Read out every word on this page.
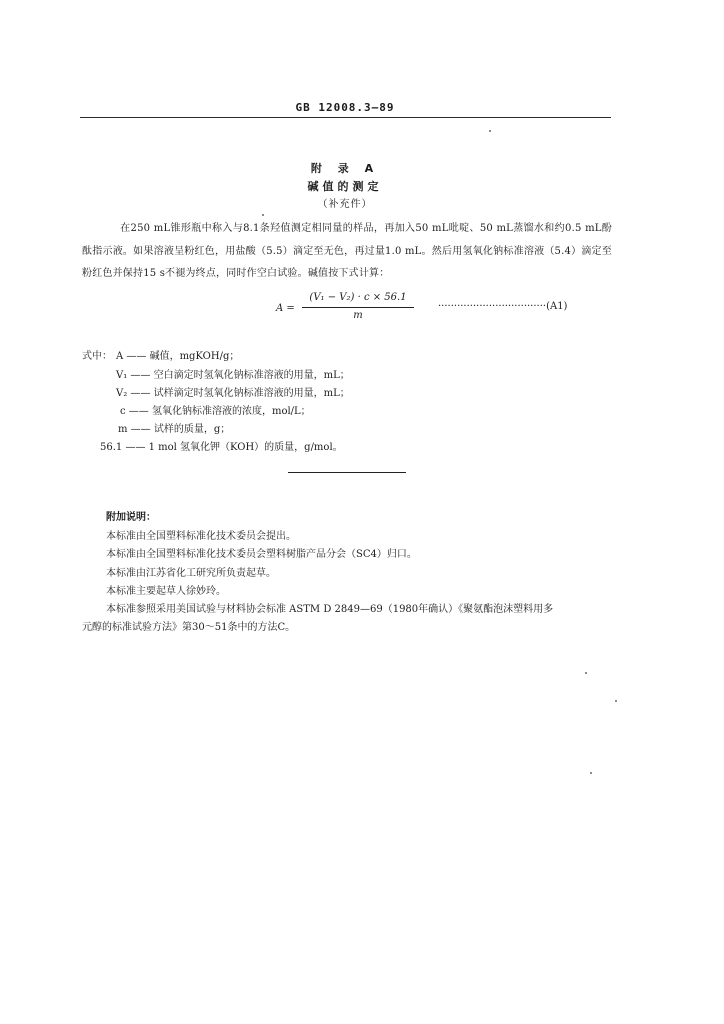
GB 12008.3—89
附 录 A
碱值的测定
（补充件）
在250 mL锥形瓶中称入与8.1条羟值测定相同量的样品，再加入50 mL吡啶、50 mL蒸馏水和约0.5 mL酚酞指示液。如果溶液呈粉红色，用盐酸（5.5）滴定至无色，再过量1.0 mL。然后用氢氧化钠标准溶液（5.4）滴定至粉红色并保持15 s不褪为终点，同时作空白试验。碱值按下式计算：
A =
(V₁ − V₂) · c × 56.1
m
··································(A1)
式中： A —— 碱值，mgKOH/g；
V₁ —— 空白滴定时氢氧化钠标准溶液的用量，mL；
V₂ —— 试样滴定时氢氧化钠标准溶液的用量，mL；
c —— 氢氧化钠标准溶液的浓度，mol/L；
m —— 试样的质量，g；
56.1 —— 1 mol 氢氧化钾（KOH）的质量，g/mol。
附加说明：
本标准由全国塑料标准化技术委员会提出。
本标准由全国塑料标准化技术委员会塑料树脂产品分会（SC4）归口。
本标准由江苏省化工研究所负责起草。
本标准主要起草人徐妙玲。
本标准参照采用美国试验与材料协会标准 ASTM D 2849—69（1980年确认）《聚氨酯泡沫塑料用多
元醇的标准试验方法》第30～51条中的方法C。
